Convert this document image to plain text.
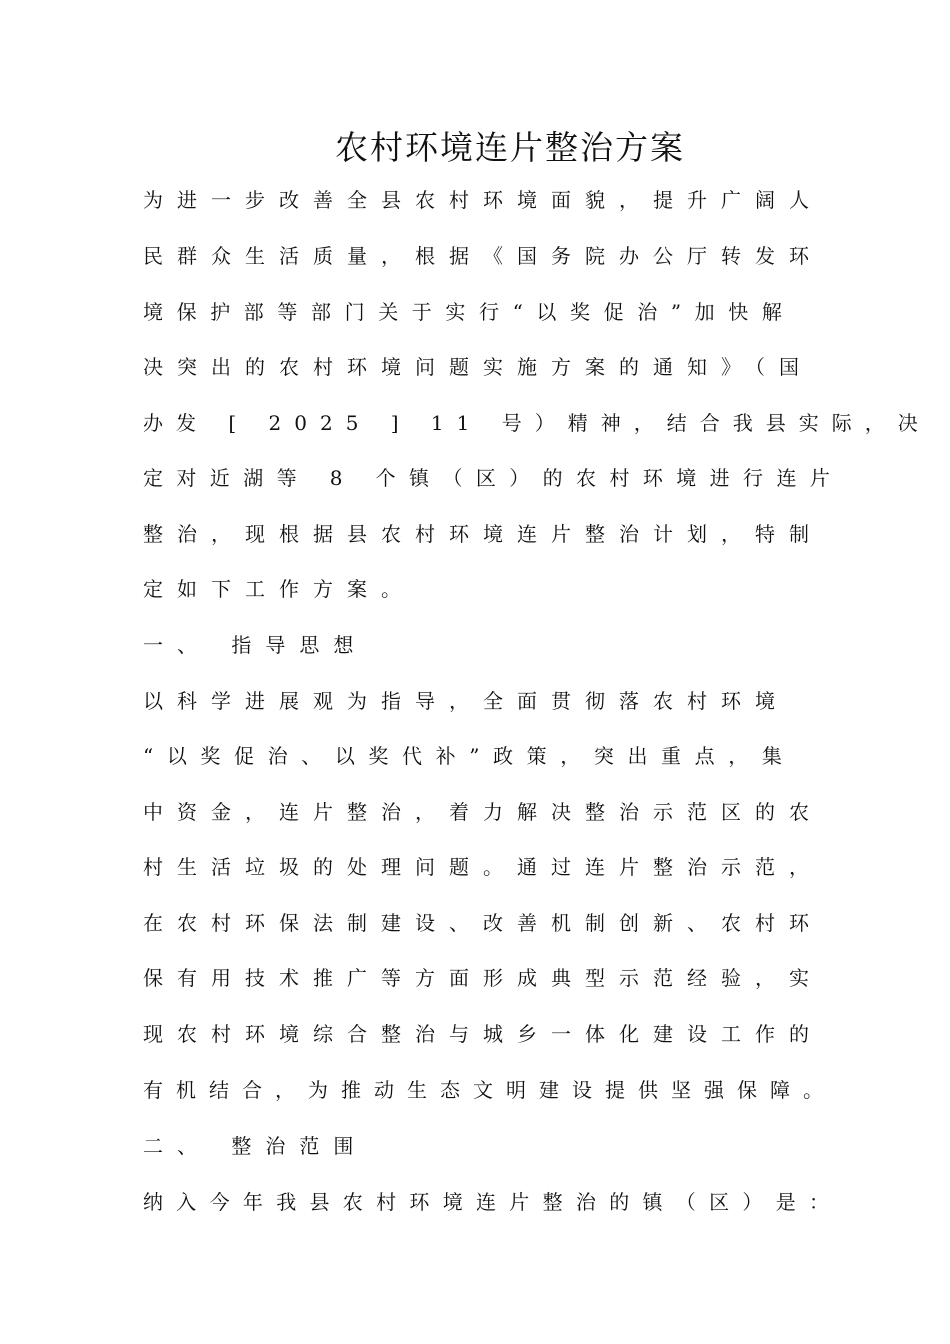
农村环境连片整治方案

为进一步改善全县农村环境面貌，提升广阔人

民群众生活质量，根据《国务院办公厅转发环

境保护部等部门关于实行“以奖促治”加快解

决突出的农村环境问题实施方案的通知》（国

办发 [ 2025 ] 11 号）精神，结合我县实际，决

定对近湖等 8 个镇（区）的农村环境进行连片

整治，现根据县农村环境连片整治计划，特制

定如下工作方案。

一、 指导思想

以科学进展观为指导，全面贯彻落农村环境

“以奖促治、以奖代补”政策，突出重点，集

中资金，连片整治，着力解决整治示范区的农

村生活垃圾的处理问题。通过连片整治示范，

在农村环保法制建设、改善机制创新、农村环

保有用技术推广等方面形成典型示范经验，实

现农村环境综合整治与城乡一体化建设工作的

有机结合，为推动生态文明建设提供坚强保障。

二、 整治范围

纳入今年我县农村环境连片整治的镇（区）是：
